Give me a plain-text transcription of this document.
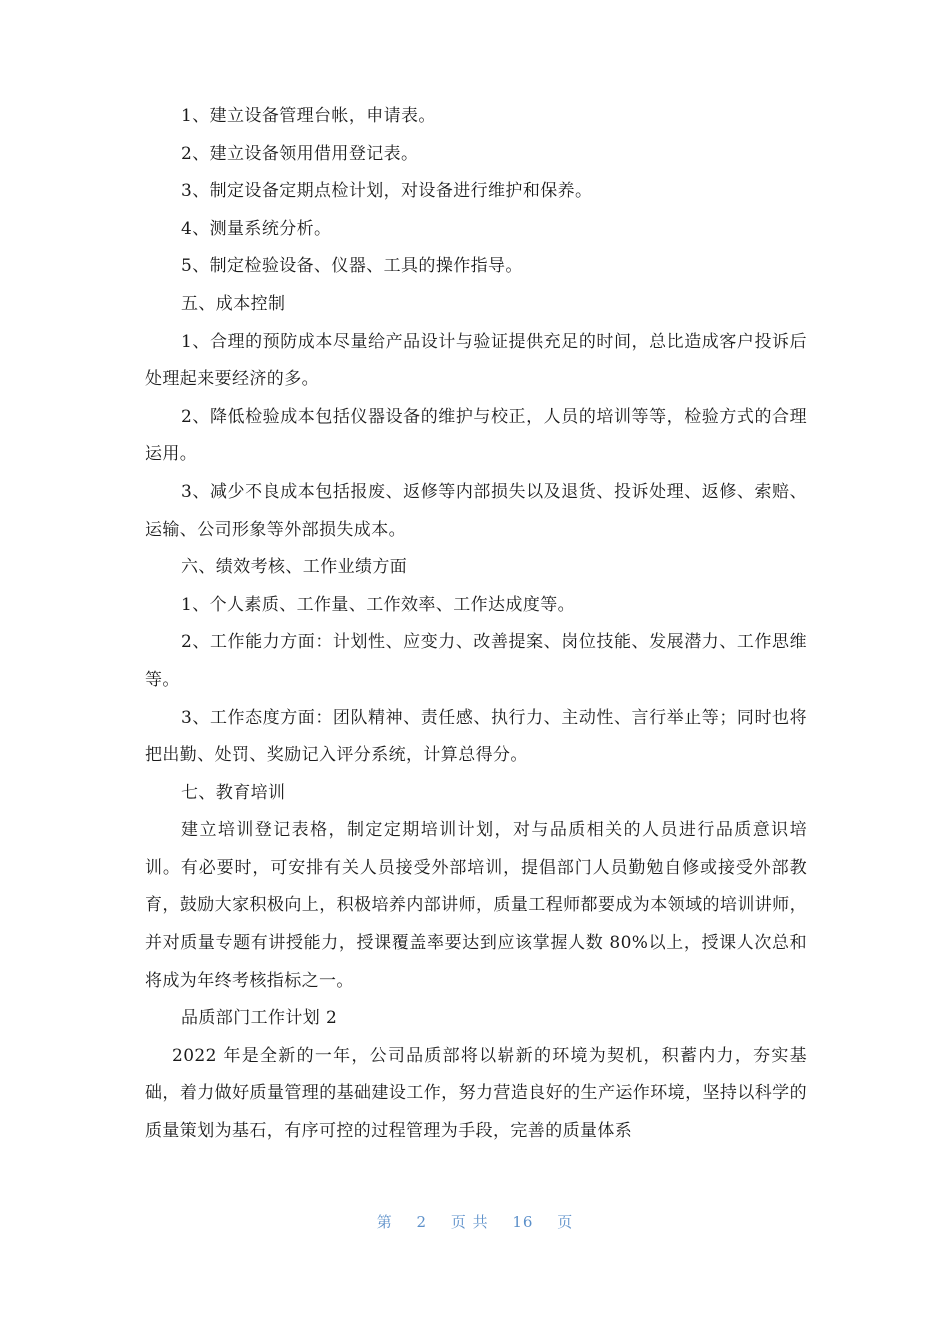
1、建立设备管理台帐，申请表。

2、建立设备领用借用登记表。

3、制定设备定期点检计划，对设备进行维护和保养。

4、测量系统分析。

5、制定检验设备、仪器、工具的操作指导。

五、成本控制

1、合理的预防成本尽量给产品设计与验证提供充足的时间，总比造成客户投诉后处理起来要经济的多。

2、降低检验成本包括仪器设备的维护与校正，人员的培训等等，检验方式的合理运用。

3、减少不良成本包括报废、返修等内部损失以及退货、投诉处理、返修、索赔、运输、公司形象等外部损失成本。

六、绩效考核、工作业绩方面

1、个人素质、工作量、工作效率、工作达成度等。

2、工作能力方面：计划性、应变力、改善提案、岗位技能、发展潜力、工作思维等。

3、工作态度方面：团队精神、责任感、执行力、主动性、言行举止等；同时也将把出勤、处罚、奖励记入评分系统，计算总得分。

七、教育培训

建立培训登记表格，制定定期培训计划，对与品质相关的人员进行品质意识培训。有必要时，可安排有关人员接受外部培训，提倡部门人员勤勉自修或接受外部教育，鼓励大家积极向上，积极培养内部讲师，质量工程师都要成为本领域的培训讲师，并对质量专题有讲授能力，授课覆盖率要达到应该掌握人数 80%以上，授课人次总和将成为年终考核指标之一。

品质部门工作计划 2

2022 年是全新的一年，公司品质部将以崭新的环境为契机，积蓄内力，夯实基础，着力做好质量管理的基础建设工作，努力营造良好的生产运作环境，坚持以科学的质量策划为基石，有序可控的过程管理为手段，完善的质量体系

第 2 页 共 16 页
